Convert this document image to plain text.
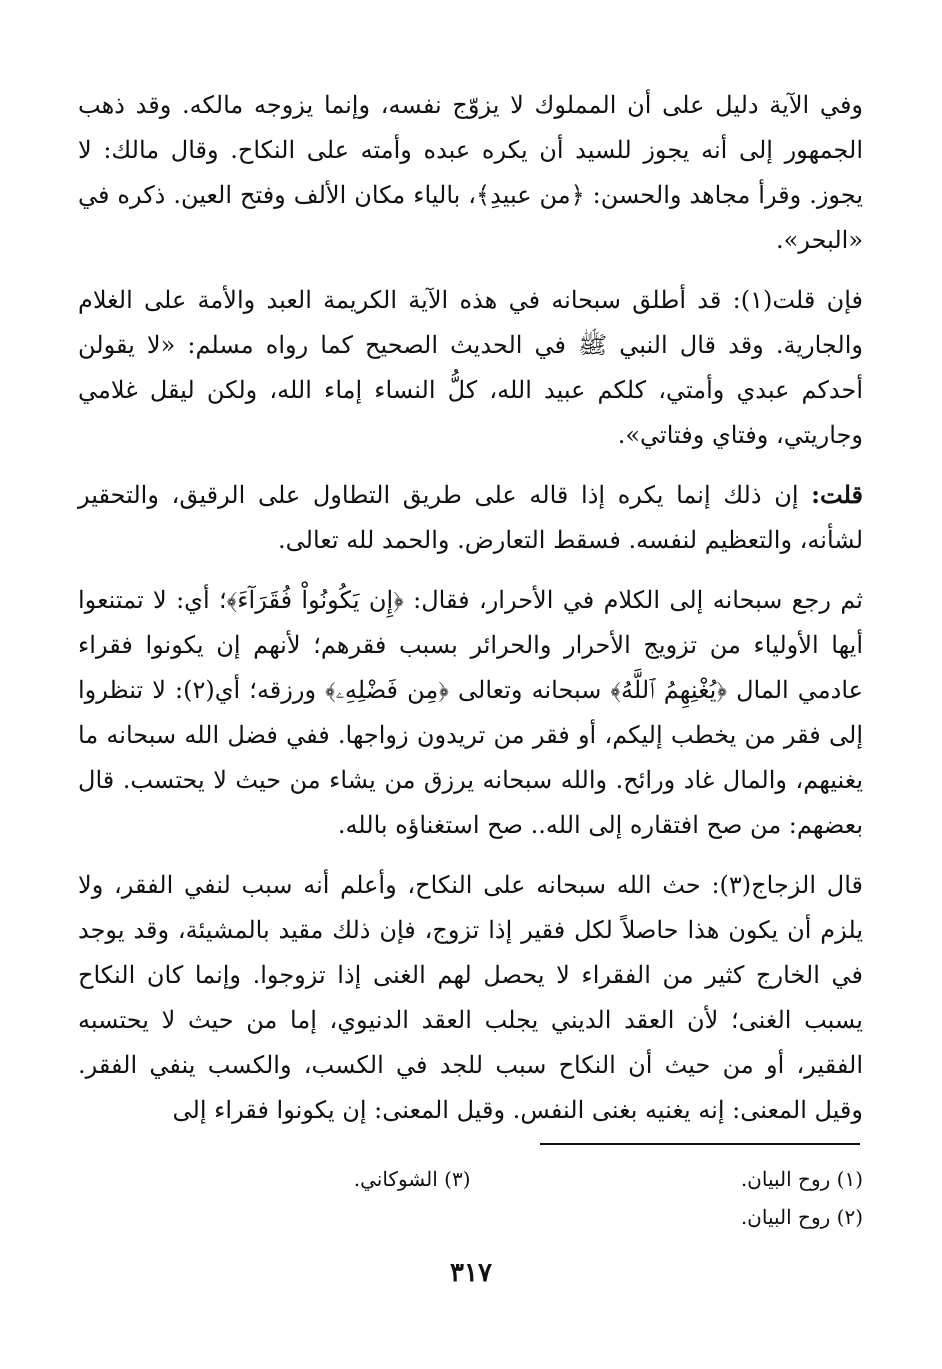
وفي الآية دليل على أن المملوك لا يزوّج نفسه، وإنما يزوجه مالكه. وقد ذهب الجمهور إلى أنه يجوز للسيد أن يكره عبده وأمته على النكاح. وقال مالك: لا يجوز. وقرأ مجاهد والحسن: ﴿من عبيدِ﴾، بالياء مكان الألف وفتح العين. ذكره في «البحر».

فإن قلت(١): قد أطلق سبحانه في هذه الآية الكريمة العبد والأمة على الغلام والجارية. وقد قال النبي ﷺ في الحديث الصحيح كما رواه مسلم: «لا يقولن أحدكم عبدي وأمتي، كلكم عبيد الله، كلُّ النساء إماء الله، ولكن ليقل غلامي وجاريتي، وفتاي وفتاتي».

قلت: إن ذلك إنما يكره إذا قاله على طريق التطاول على الرقيق، والتحقير لشأنه، والتعظيم لنفسه. فسقط التعارض. والحمد لله تعالى.

ثم رجع سبحانه إلى الكلام في الأحرار، فقال: ﴿إِن يَكُونُواْ فُقَرَآءَ﴾؛ أي: لا تمتنعوا أيها الأولياء من تزويج الأحرار والحرائر بسبب فقرهم؛ لأنهم إن يكونوا فقراء عادمي المال ﴿يُغْنِهِمُ ٱللَّهُ﴾ سبحانه وتعالى ﴿مِن فَضْلِهِۦ﴾ ورزقه؛ أي(٢): لا تنظروا إلى فقر من يخطب إليكم، أو فقر من تريدون زواجها. ففي فضل الله سبحانه ما يغنيهم، والمال غاد ورائح. والله سبحانه يرزق من يشاء من حيث لا يحتسب. قال بعضهم: من صح افتقاره إلى الله.. صح استغناؤه بالله.

قال الزجاج(٣): حث الله سبحانه على النكاح، وأعلم أنه سبب لنفي الفقر، ولا يلزم أن يكون هذا حاصلاً لكل فقير إذا تزوج، فإن ذلك مقيد بالمشيئة، وقد يوجد في الخارج كثير من الفقراء لا يحصل لهم الغنى إذا تزوجوا. وإنما كان النكاح يسبب الغنى؛ لأن العقد الديني يجلب العقد الدنيوي، إما من حيث لا يحتسبه الفقير، أو من حيث أن النكاح سبب للجد في الكسب، والكسب ينفي الفقر. وقيل المعنى: إنه يغنيه بغنى النفس. وقيل المعنى: إن يكونوا فقراء إلى

(١) روح البيان.
(٣) الشوكاني.
(٢) روح البيان.
٣١٧
